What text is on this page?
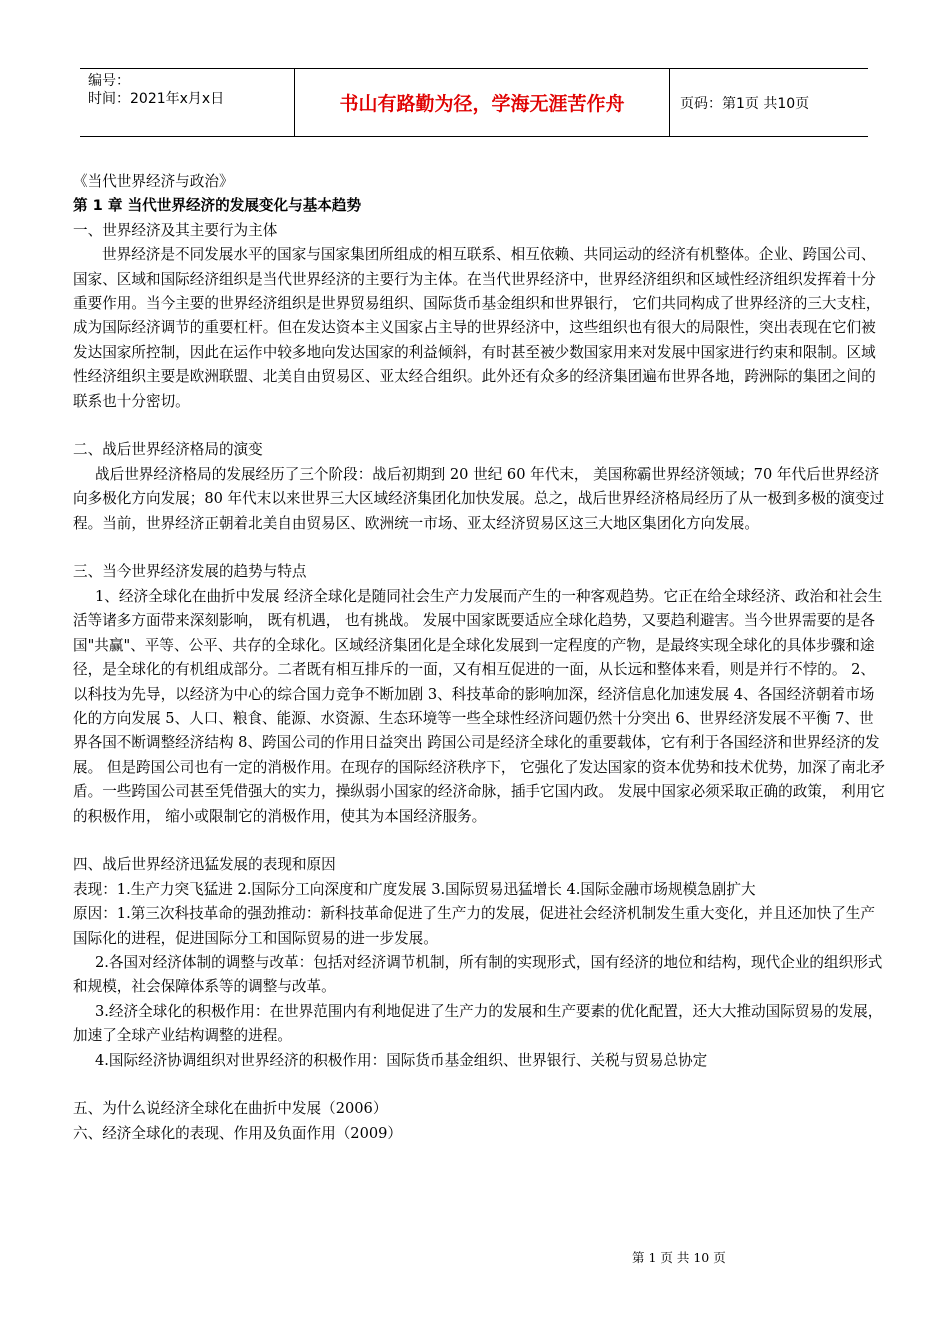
编号：
时间：2021年x月x日	书山有路勤为径，学海无涯苦作舟	页码：第1页 共10页

《当代世界经济与政治》

第 1 章 当代世界经济的发展变化与基本趋势

一、世界经济及其主要行为主体

世界经济是不同发展水平的国家与国家集团所组成的相互联系、相互依赖、共同运动的经济有机整体。企业、跨国公司、国家、区域和国际经济组织是当代世界经济的主要行为主体。在当代世界经济中，世界经济组织和区域性经济组织发挥着十分重要作用。当今主要的世界经济组织是世界贸易组织、国际货币基金组织和世界银行， 它们共同构成了世界经济的三大支柱，成为国际经济调节的重要杠杆。但在发达资本主义国家占主导的世界经济中，这些组织也有很大的局限性，突出表现在它们被发达国家所控制，因此在运作中较多地向发达国家的利益倾斜，有时甚至被少数国家用来对发展中国家进行约束和限制。区域性经济组织主要是欧洲联盟、北美自由贸易区、亚太经合组织。此外还有众多的经济集团遍布世界各地，跨洲际的集团之间的联系也十分密切。

二、战后世界经济格局的演变

战后世界经济格局的发展经历了三个阶段：战后初期到 20 世纪 60 年代末， 美国称霸世界经济领域；70 年代后世界经济向多极化方向发展；80 年代末以来世界三大区域经济集团化加快发展。总之，战后世界经济格局经历了从一极到多极的演变过程。当前，世界经济正朝着北美自由贸易区、欧洲统一市场、亚太经济贸易区这三大地区集团化方向发展。

三、当今世界经济发展的趋势与特点

1、经济全球化在曲折中发展 经济全球化是随同社会生产力发展而产生的一种客观趋势。它正在给全球经济、政治和社会生活等诸多方面带来深刻影响， 既有机遇， 也有挑战。 发展中国家既要适应全球化趋势，又要趋利避害。当今世界需要的是各国"共赢"、平等、公平、共存的全球化。区域经济集团化是全球化发展到一定程度的产物，是最终实现全球化的具体步骤和途径，是全球化的有机组成部分。二者既有相互排斥的一面，又有相互促进的一面，从长远和整体来看，则是并行不悖的。 2、以科技为先导，以经济为中心的综合国力竞争不断加剧 3、科技革命的影响加深，经济信息化加速发展 4、各国经济朝着市场化的方向发展 5、人口、粮食、能源、水资源、生态环境等一些全球性经济问题仍然十分突出 6、世界经济发展不平衡 7、世界各国不断调整经济结构 8、跨国公司的作用日益突出 跨国公司是经济全球化的重要载体，它有利于各国经济和世界经济的发展。 但是跨国公司也有一定的消极作用。在现存的国际经济秩序下， 它强化了发达国家的资本优势和技术优势，加深了南北矛盾。一些跨国公司甚至凭借强大的实力，操纵弱小国家的经济命脉，插手它国内政。 发展中国家必须采取正确的政策， 利用它的积极作用， 缩小或限制它的消极作用，使其为本国经济服务。

四、战后世界经济迅猛发展的表现和原因

表现：1.生产力突飞猛进 2.国际分工向深度和广度发展 3.国际贸易迅猛增长 4.国际金融市场规模急剧扩大

原因：1.第三次科技革命的强劲推动：新科技革命促进了生产力的发展，促进社会经济机制发生重大变化，并且还加快了生产国际化的进程，促进国际分工和国际贸易的进一步发展。

2.各国对经济体制的调整与改革：包括对经济调节机制，所有制的实现形式，国有经济的地位和结构，现代企业的组织形式和规模，社会保障体系等的调整与改革。

3.经济全球化的积极作用：在世界范围内有利地促进了生产力的发展和生产要素的优化配置，还大大推动国际贸易的发展，加速了全球产业结构调整的进程。

4.国际经济协调组织对世界经济的积极作用：国际货币基金组织、世界银行、关税与贸易总协定

五、为什么说经济全球化在曲折中发展（2006）

六、经济全球化的表现、作用及负面作用（2009）

第 1 页 共 10 页
